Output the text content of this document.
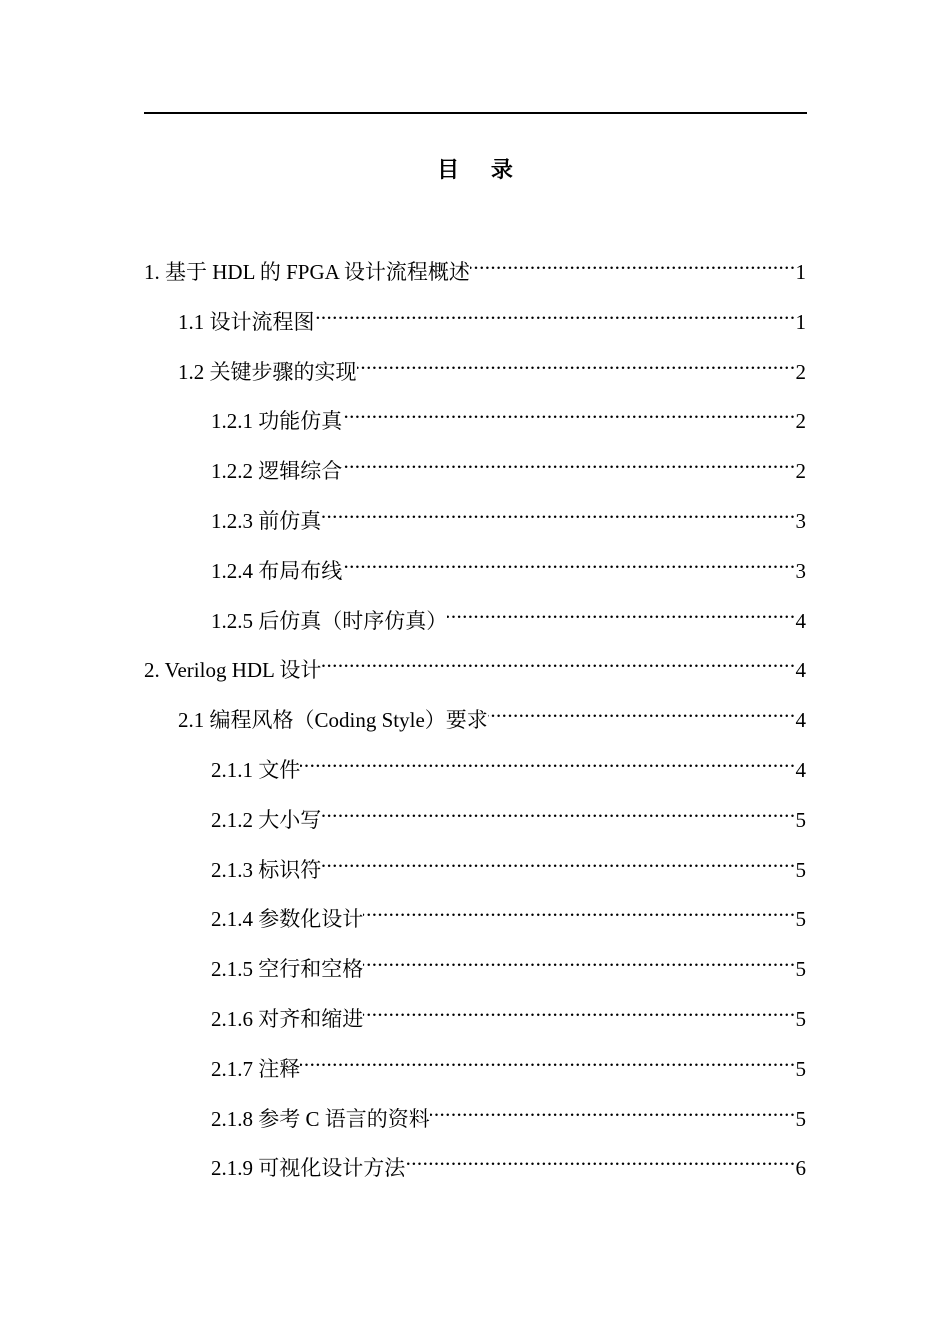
目 录
1. 基于 HDL 的 FPGA 设计流程概述 .....	1
1.1 设计流程图 .....	1
1.2 关键步骤的实现 .....	2
1.2.1 功能仿真 .....	2
1.2.2 逻辑综合 .....	2
1.2.3 前仿真 .....	3
1.2.4 布局布线 .....	3
1.2.5 后仿真（时序仿真） .....	4
2. Verilog HDL 设计 .....	4
2.1 编程风格（Coding Style）要求 .....	4
2.1.1 文件 .....	4
2.1.2 大小写 .....	5
2.1.3 标识符 .....	5
2.1.4 参数化设计 .....	5
2.1.5 空行和空格 .....	5
2.1.6 对齐和缩进 .....	5
2.1.7 注释 .....	5
2.1.8 参考 C 语言的资料 .....	5
2.1.9 可视化设计方法 .....	6
